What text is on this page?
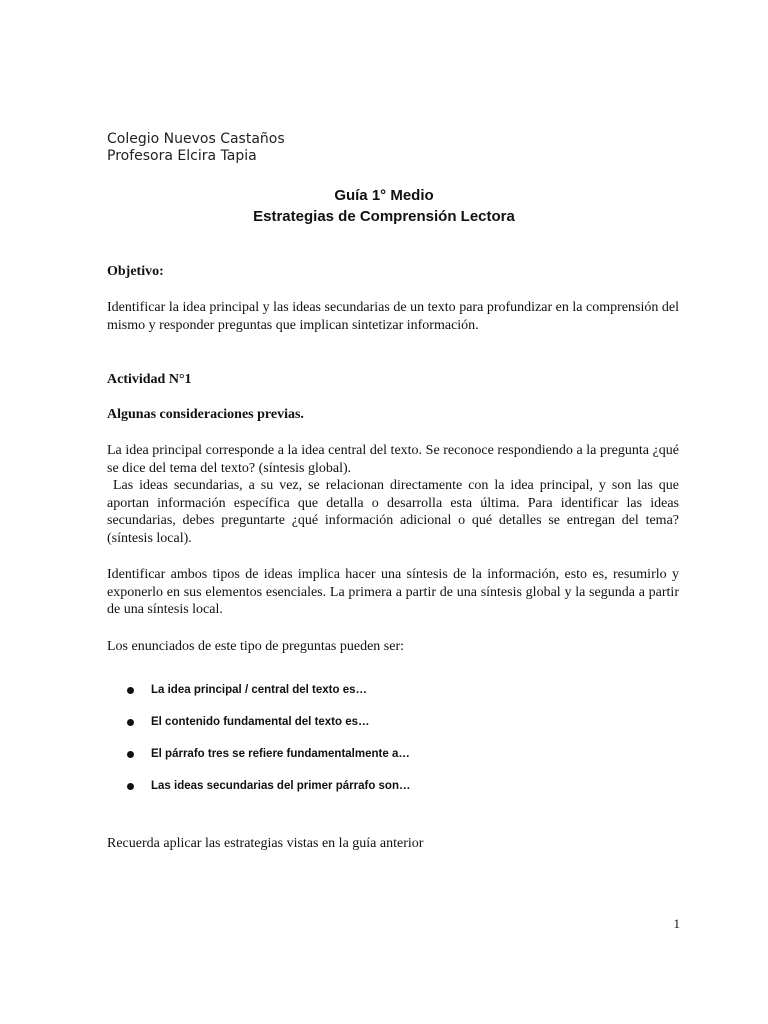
Colegio Nuevos Castaños
Profesora Elcira Tapia
Guía 1° Medio
Estrategias de Comprensión Lectora
Objetivo:
Identificar la idea principal y las ideas secundarias de un texto para profundizar en la comprensión del mismo y responder preguntas que implican sintetizar información.
Actividad N°1
Algunas consideraciones previas.
La idea principal corresponde a la idea central del texto. Se reconoce respondiendo a la pregunta ¿qué se dice del tema del texto? (síntesis global).
Las ideas secundarias, a su vez, se relacionan directamente con la idea principal, y son las que aportan información específica que detalla o desarrolla esta última. Para identificar las ideas secundarias, debes preguntarte ¿qué información adicional o qué detalles se entregan del tema? (síntesis local).
Identificar ambos tipos de ideas implica hacer una síntesis de la información, esto es, resumirlo y exponerlo en sus elementos esenciales. La primera a partir de una síntesis global y la segunda a partir de una síntesis local.
Los enunciados de este tipo de preguntas pueden ser:
La idea principal / central del texto es…
El contenido fundamental del texto es…
El párrafo tres se refiere fundamentalmente a…
Las ideas secundarias del primer párrafo son…
Recuerda aplicar las estrategias vistas en la guía anterior
1
